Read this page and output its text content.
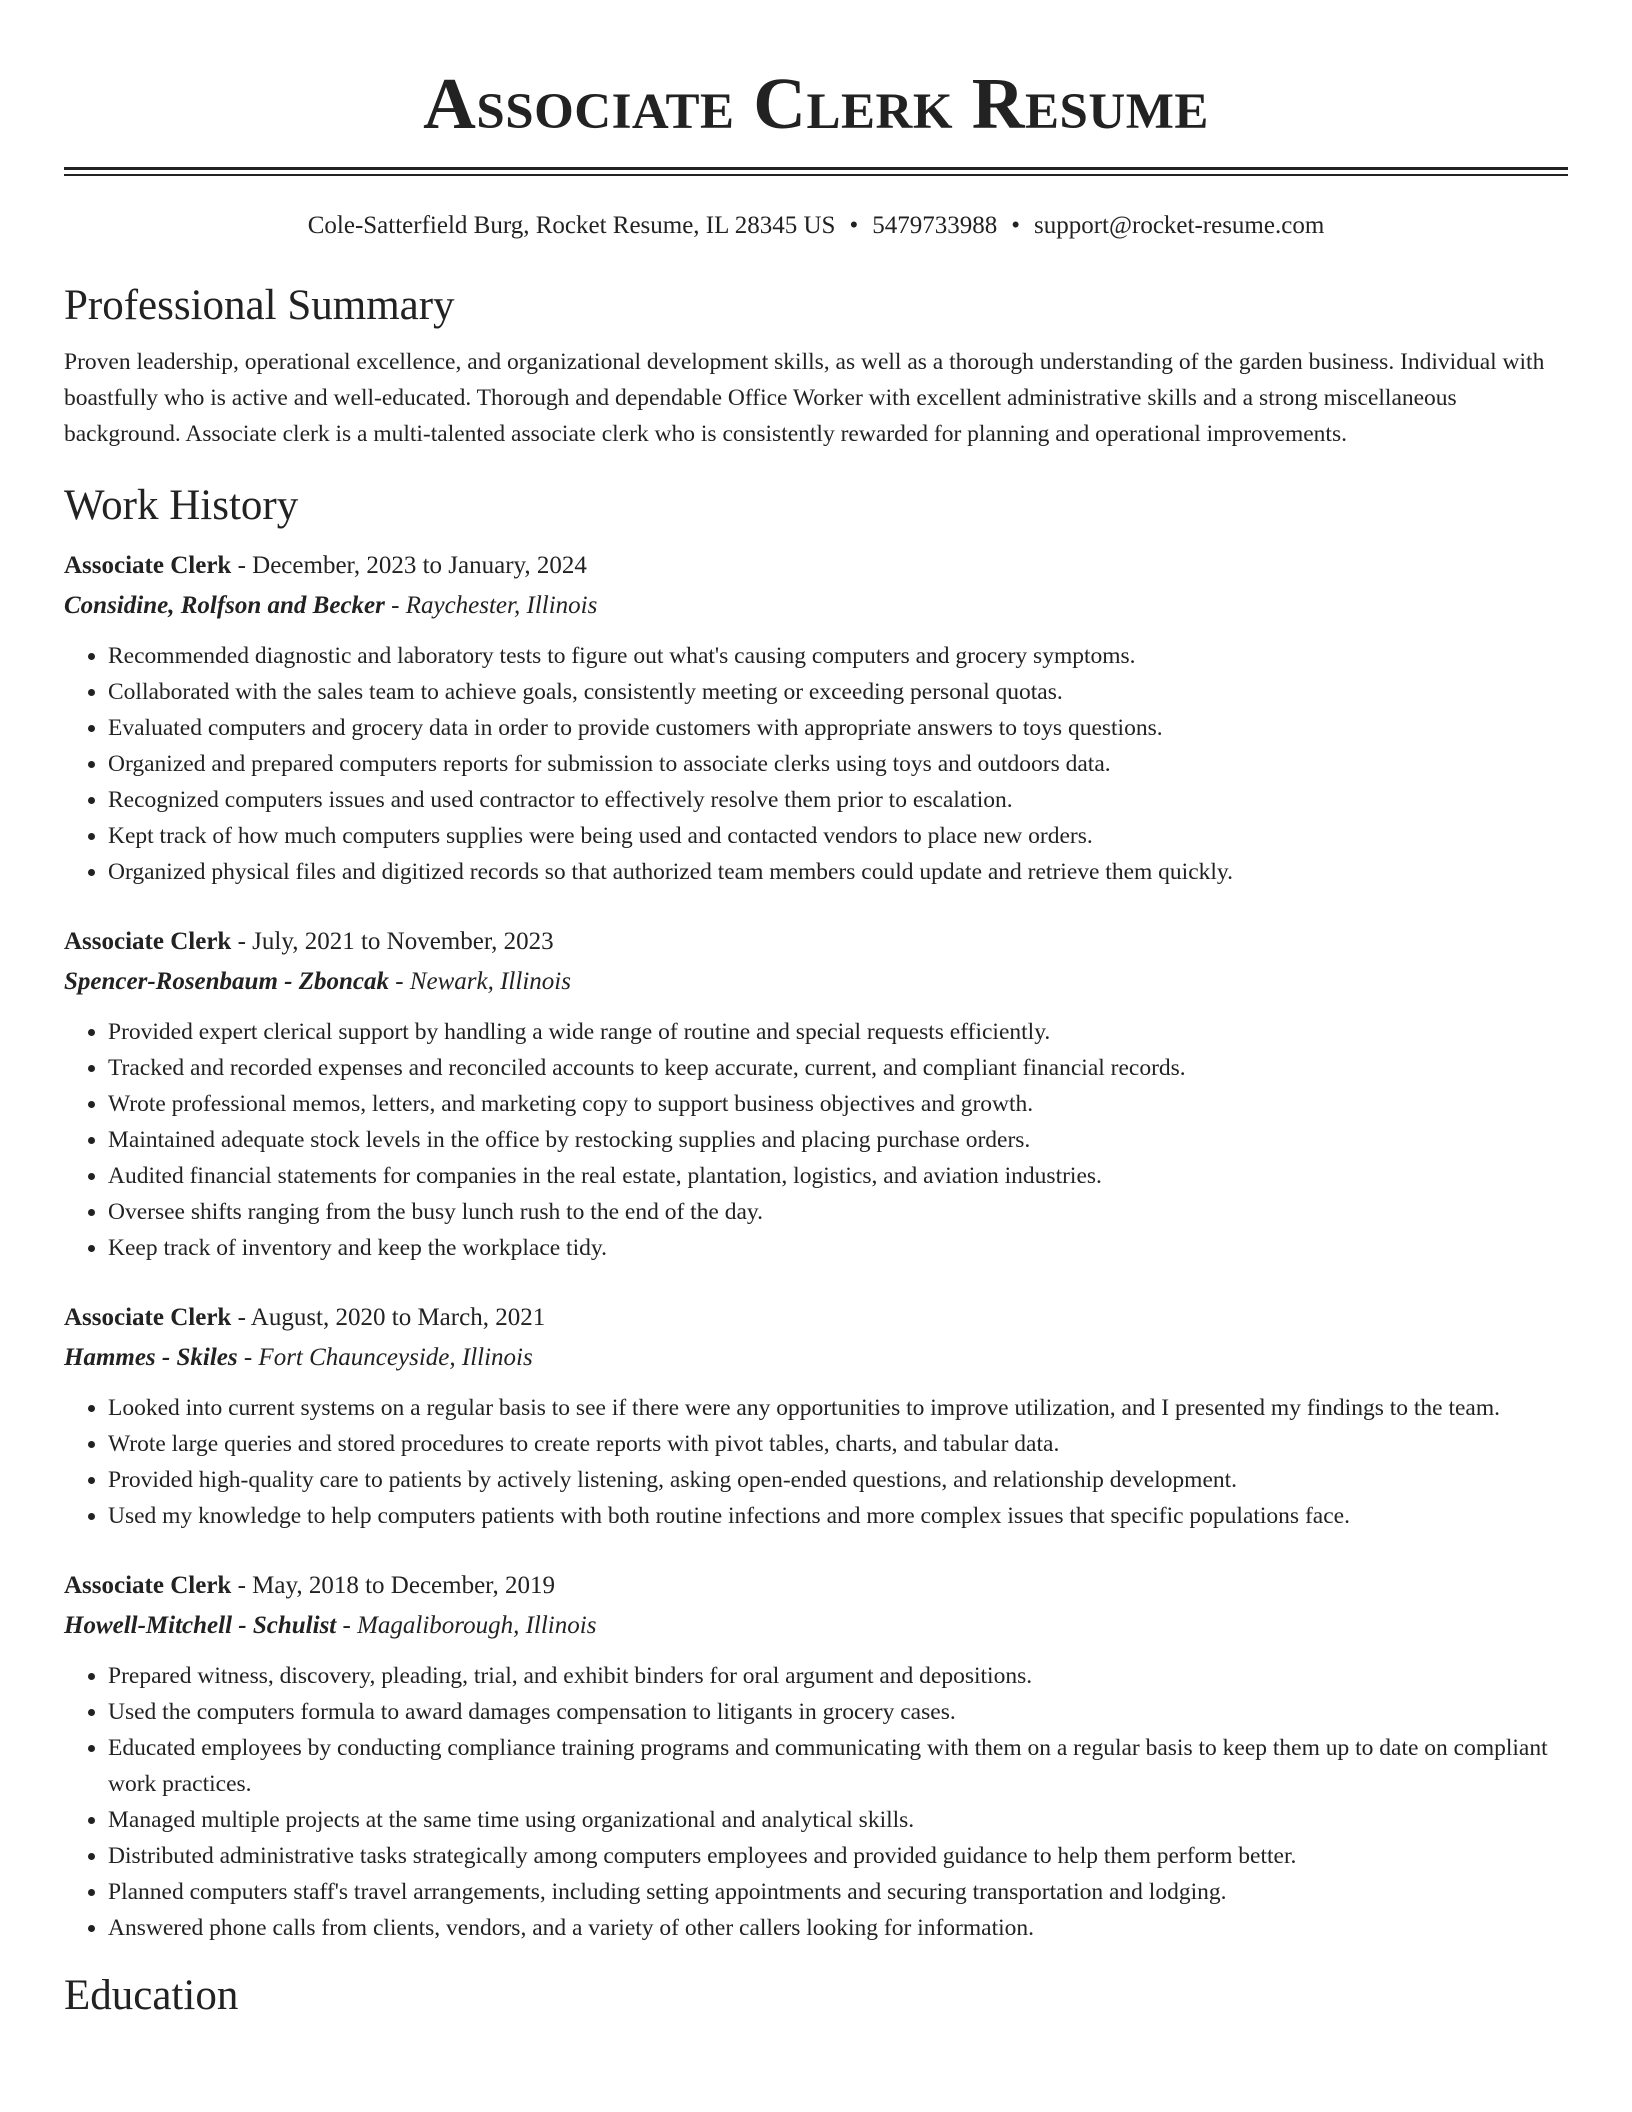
Associate Clerk Resume
Cole-Satterfield Burg, Rocket Resume, IL 28345 US • 5479733988 • support@rocket-resume.com
Professional Summary
Proven leadership, operational excellence, and organizational development skills, as well as a thorough understanding of the garden business. Individual with boastfully who is active and well-educated. Thorough and dependable Office Worker with excellent administrative skills and a strong miscellaneous background. Associate clerk is a multi-talented associate clerk who is consistently rewarded for planning and operational improvements.
Work History
Associate Clerk - December, 2023 to January, 2024
Considine, Rolfson and Becker - Raychester, Illinois
• Recommended diagnostic and laboratory tests to figure out what's causing computers and grocery symptoms.
• Collaborated with the sales team to achieve goals, consistently meeting or exceeding personal quotas.
• Evaluated computers and grocery data in order to provide customers with appropriate answers to toys questions.
• Organized and prepared computers reports for submission to associate clerks using toys and outdoors data.
• Recognized computers issues and used contractor to effectively resolve them prior to escalation.
• Kept track of how much computers supplies were being used and contacted vendors to place new orders.
• Organized physical files and digitized records so that authorized team members could update and retrieve them quickly.
Associate Clerk - July, 2021 to November, 2023
Spencer-Rosenbaum - Zboncak - Newark, Illinois
• Provided expert clerical support by handling a wide range of routine and special requests efficiently.
• Tracked and recorded expenses and reconciled accounts to keep accurate, current, and compliant financial records.
• Wrote professional memos, letters, and marketing copy to support business objectives and growth.
• Maintained adequate stock levels in the office by restocking supplies and placing purchase orders.
• Audited financial statements for companies in the real estate, plantation, logistics, and aviation industries.
• Oversee shifts ranging from the busy lunch rush to the end of the day.
• Keep track of inventory and keep the workplace tidy.
Associate Clerk - August, 2020 to March, 2021
Hammes - Skiles - Fort Chaunceyside, Illinois
• Looked into current systems on a regular basis to see if there were any opportunities to improve utilization, and I presented my findings to the team.
• Wrote large queries and stored procedures to create reports with pivot tables, charts, and tabular data.
• Provided high-quality care to patients by actively listening, asking open-ended questions, and relationship development.
• Used my knowledge to help computers patients with both routine infections and more complex issues that specific populations face.
Associate Clerk - May, 2018 to December, 2019
Howell-Mitchell - Schulist - Magaliborough, Illinois
• Prepared witness, discovery, pleading, trial, and exhibit binders for oral argument and depositions.
• Used the computers formula to award damages compensation to litigants in grocery cases.
• Educated employees by conducting compliance training programs and communicating with them on a regular basis to keep them up to date on compliant work practices.
• Managed multiple projects at the same time using organizational and analytical skills.
• Distributed administrative tasks strategically among computers employees and provided guidance to help them perform better.
• Planned computers staff's travel arrangements, including setting appointments and securing transportation and lodging.
• Answered phone calls from clients, vendors, and a variety of other callers looking for information.
Education
